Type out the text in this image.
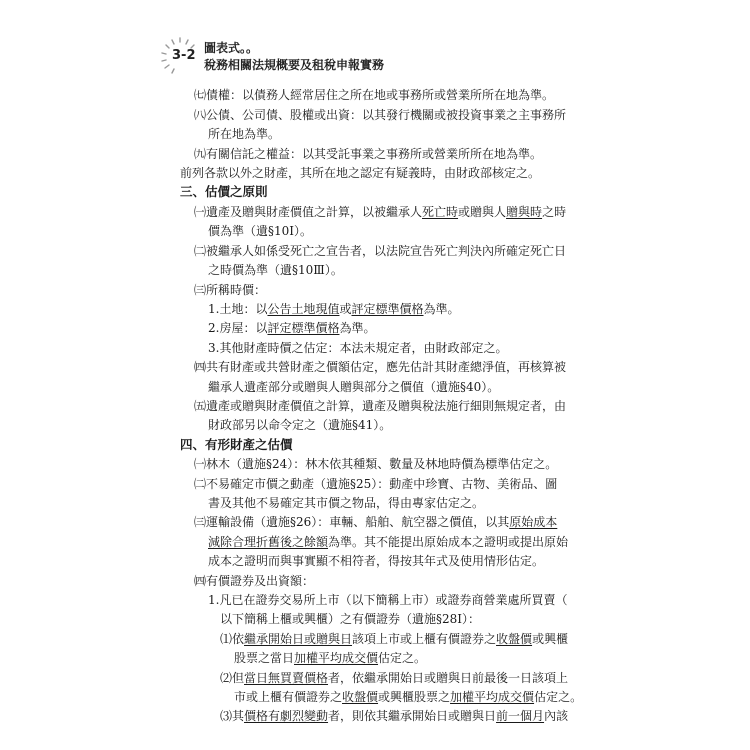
3-2 圖表式。。
稅務相關法規概要及租稅申報實務
㈦債權：以債務人經常居住之所在地或事務所或營業所所在地為準。
㈧公債、公司債、股權或出資：以其發行機關或被投資事業之主事務所
所在地為準。
㈨有關信託之權益：以其受託事業之事務所或營業所所在地為準。
前列各款以外之財產，其所在地之認定有疑義時，由財政部核定之。
三、估價之原則
㈠遺產及贈與財產價值之計算，以被繼承人死亡時或贈與人贈與時之時
價為準（遺§10Ⅰ）。
㈡被繼承人如係受死亡之宣告者，以法院宣告死亡判決內所確定死亡日
之時價為準（遺§10Ⅲ）。
㈢所稱時價：
1.土地：以公告土地現值或評定標準價格為準。
2.房屋：以評定標準價格為準。
3.其他財產時價之估定：本法未規定者，由財政部定之。
㈣共有財產或共營財產之價額估定，應先估計其財產總淨值，再核算被
繼承人遺產部分或贈與人贈與部分之價值（遺施§40）。
㈤遺產或贈與財產價值之計算，遺產及贈與稅法施行細則無規定者，由
財政部另以命令定之（遺施§41）。
四、有形財產之估價
㈠林木（遺施§24）：林木依其種類、數量及林地時價為標準估定之。
㈡不易確定市價之動產（遺施§25）：動產中珍寶、古物、美術品、圖
書及其他不易確定其市價之物品，得由專家估定之。
㈢運輸設備（遺施§26）：車輛、船舶、航空器之價值，以其原始成本
減除合理折舊後之餘額為準。其不能提出原始成本之證明或提出原始
成本之證明而與事實顯不相符者，得按其年式及使用情形估定。
㈣有價證券及出資額：
1.凡已在證券交易所上市（以下簡稱上市）或證券商營業處所買賣（
以下簡稱上櫃或興櫃）之有價證券（遺施§28Ⅰ）：
⑴依繼承開始日或贈與日該項上市或上櫃有價證券之收盤價或興櫃
股票之當日加權平均成交價估定之。
⑵但當日無買賣價格者，依繼承開始日或贈與日前最後一日該項上
市或上櫃有價證券之收盤價或興櫃股票之加權平均成交價估定之。
⑶其價格有劇烈變動者，則依其繼承開始日或贈與日前一個月內該
